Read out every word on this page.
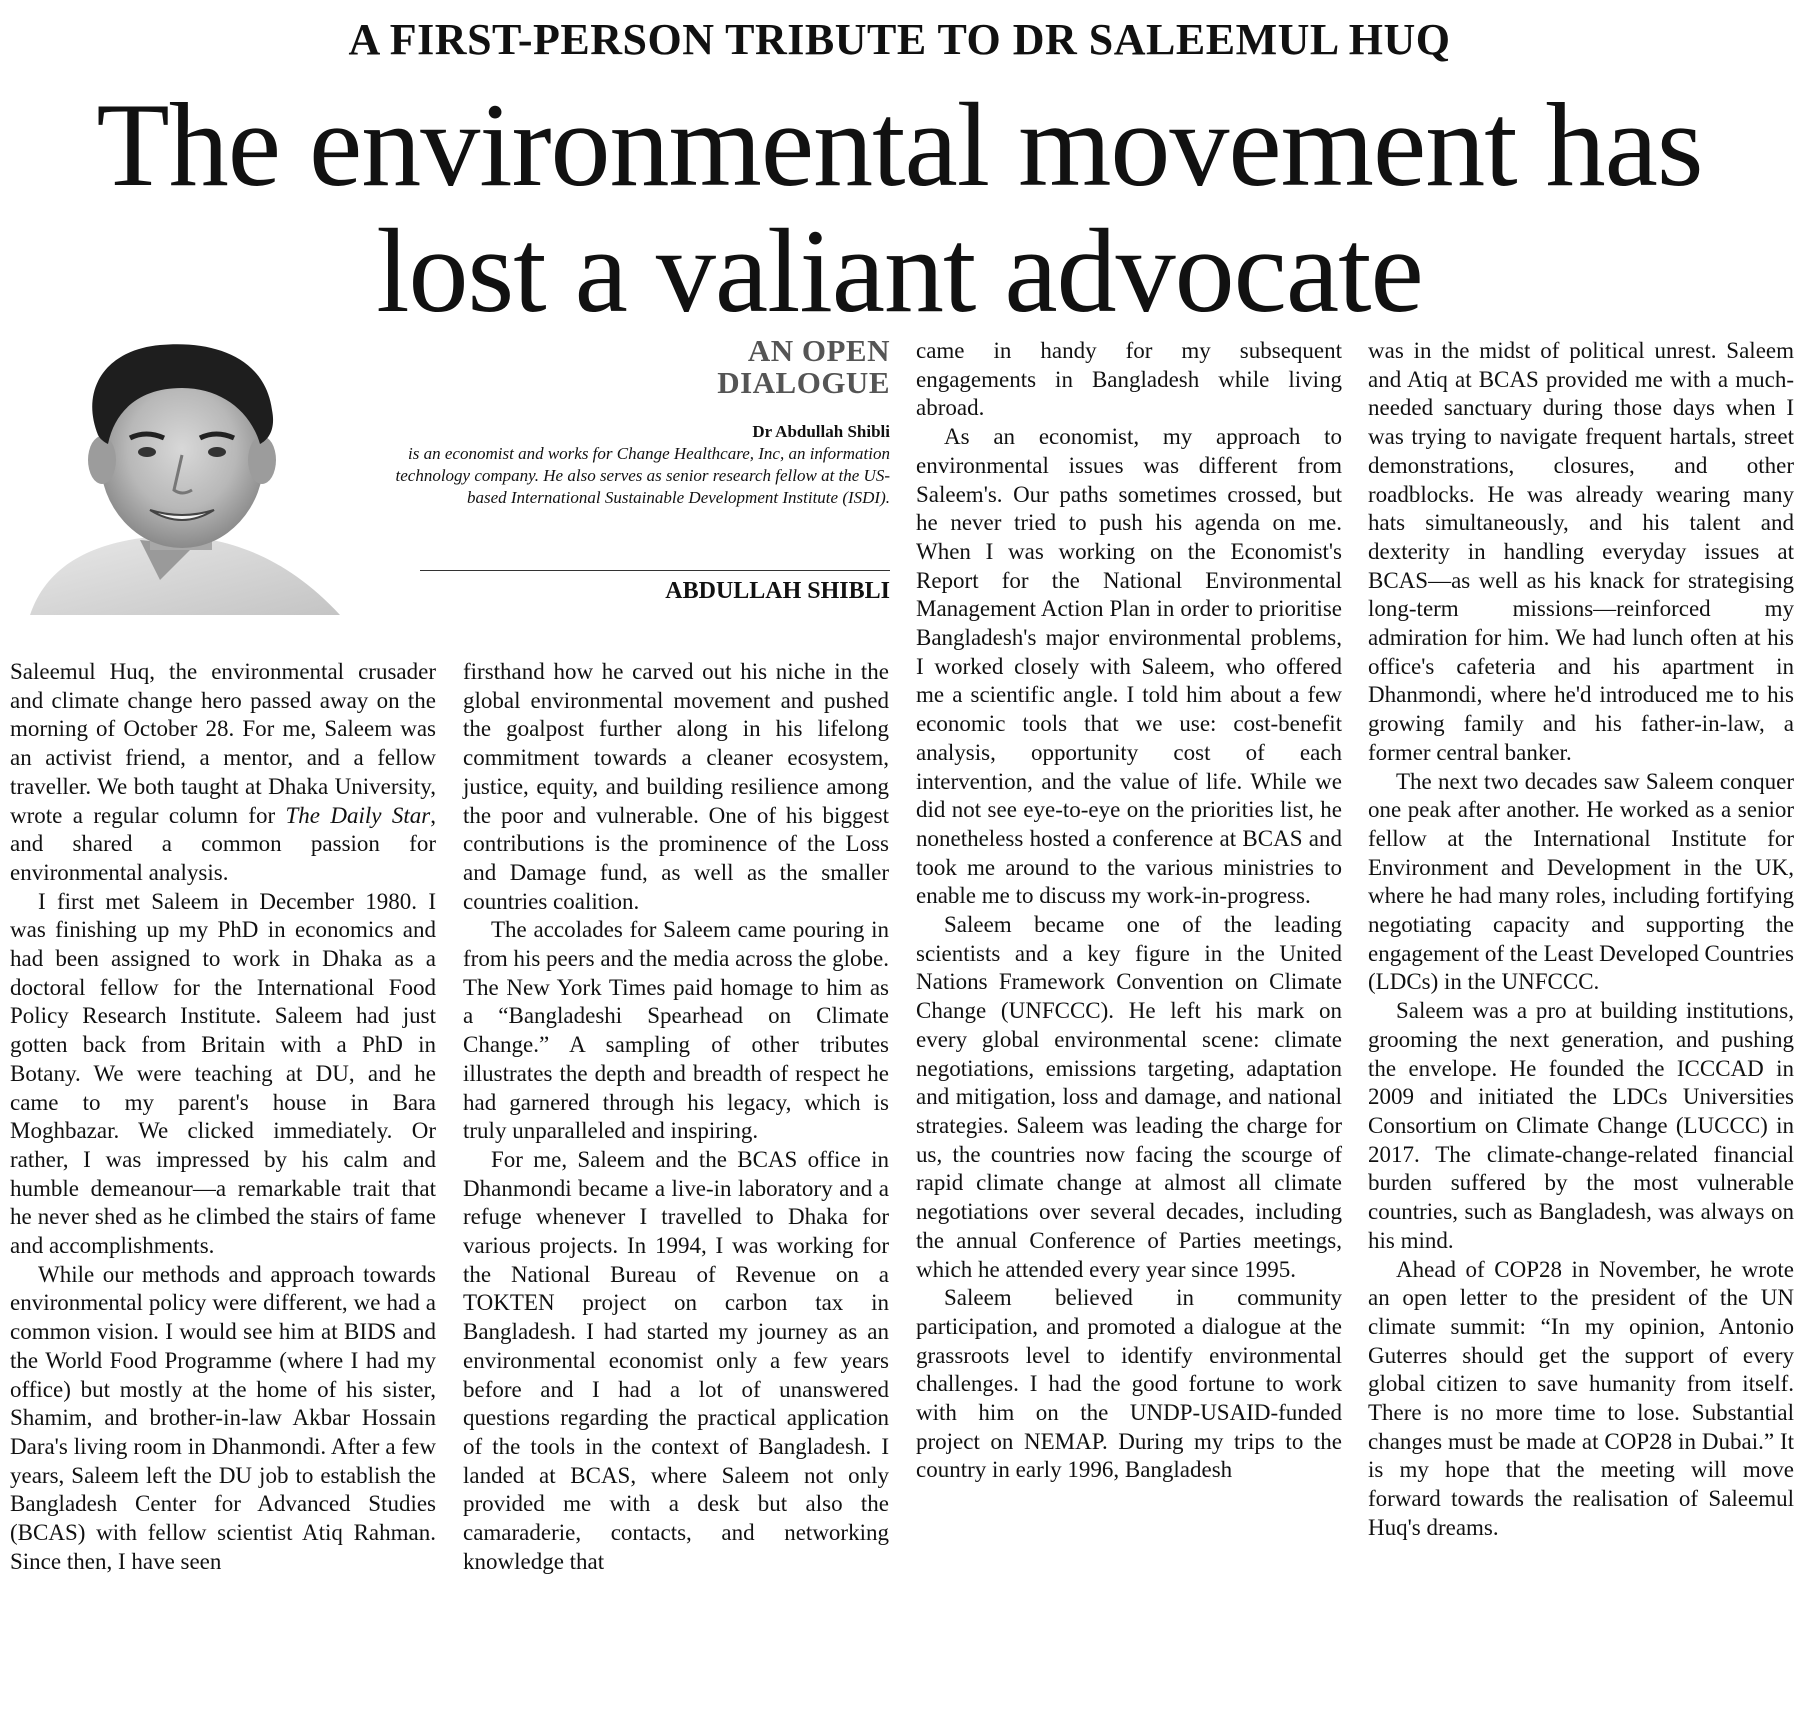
A FIRST-PERSON TRIBUTE TO DR SALEEMUL HUQ
The environmental movement has
lost a valiant advocate
AN OPEN
DIALOGUE
Dr Abdullah Shibli
is an economist and works for Change Healthcare, Inc, an information technology company. He also serves as senior research fellow at the US-based International Sustainable Development Institute (ISDI).
ABDULLAH SHIBLI

Saleemul Huq, the environmental crusader and climate change hero passed away on the morning of October 28. For me, Saleem was an activist friend, a mentor, and a fellow traveller. We both taught at Dhaka University, wrote a regular column for The Daily Star, and shared a common passion for environmental analysis.

I first met Saleem in December 1980. I was finishing up my PhD in economics and had been assigned to work in Dhaka as a doctoral fellow for the International Food Policy Research Institute. Saleem had just gotten back from Britain with a PhD in Botany. We were teaching at DU, and he came to my parent's house in Bara Moghbazar. We clicked immediately. Or rather, I was impressed by his calm and humble demeanour—a remarkable trait that he never shed as he climbed the stairs of fame and accomplishments.

While our methods and approach towards environmental policy were different, we had a common vision. I would see him at BIDS and the World Food Programme (where I had my office) but mostly at the home of his sister, Shamim, and brother-in-law Akbar Hossain Dara's living room in Dhanmondi. After a few years, Saleem left the DU job to establish the Bangladesh Center for Advanced Studies (BCAS) with fellow scientist Atiq Rahman. Since then, I have seen

firsthand how he carved out his niche in the global environmental movement and pushed the goalpost further along in his lifelong commitment towards a cleaner ecosystem, justice, equity, and building resilience among the poor and vulnerable. One of his biggest contributions is the prominence of the Loss and Damage fund, as well as the smaller countries coalition.

The accolades for Saleem came pouring in from his peers and the media across the globe. The New York Times paid homage to him as a “Bangladeshi Spearhead on Climate Change.” A sampling of other tributes illustrates the depth and breadth of respect he had garnered through his legacy, which is truly unparalleled and inspiring.

For me, Saleem and the BCAS office in Dhanmondi became a live-in laboratory and a refuge whenever I travelled to Dhaka for various projects. In 1994, I was working for the National Bureau of Revenue on a TOKTEN project on carbon tax in Bangladesh. I had started my journey as an environmental economist only a few years before and I had a lot of unanswered questions regarding the practical application of the tools in the context of Bangladesh. I landed at BCAS, where Saleem not only provided me with a desk but also the camaraderie, contacts, and networking knowledge that

came in handy for my subsequent engagements in Bangladesh while living abroad.

As an economist, my approach to environmental issues was different from Saleem's. Our paths sometimes crossed, but he never tried to push his agenda on me. When I was working on the Economist's Report for the National Environmental Management Action Plan in order to prioritise Bangladesh's major environmental problems, I worked closely with Saleem, who offered me a scientific angle. I told him about a few economic tools that we use: cost-benefit analysis, opportunity cost of each intervention, and the value of life. While we did not see eye-to-eye on the priorities list, he nonetheless hosted a conference at BCAS and took me around to the various ministries to enable me to discuss my work-in-progress.

Saleem became one of the leading scientists and a key figure in the United Nations Framework Convention on Climate Change (UNFCCC). He left his mark on every global environmental scene: climate negotiations, emissions targeting, adaptation and mitigation, loss and damage, and national strategies. Saleem was leading the charge for us, the countries now facing the scourge of rapid climate change at almost all climate negotiations over several decades, including the annual Conference of Parties meetings, which he attended every year since 1995.

Saleem believed in community participation, and promoted a dialogue at the grassroots level to identify environmental challenges. I had the good fortune to work with him on the UNDP-USAID-funded project on NEMAP. During my trips to the country in early 1996, Bangladesh

was in the midst of political unrest. Saleem and Atiq at BCAS provided me with a much-needed sanctuary during those days when I was trying to navigate frequent hartals, street demonstrations, closures, and other roadblocks. He was already wearing many hats simultaneously, and his talent and dexterity in handling everyday issues at BCAS—as well as his knack for strategising long-term missions—reinforced my admiration for him. We had lunch often at his office's cafeteria and his apartment in Dhanmondi, where he'd introduced me to his growing family and his father-in-law, a former central banker.

The next two decades saw Saleem conquer one peak after another. He worked as a senior fellow at the International Institute for Environment and Development in the UK, where he had many roles, including fortifying negotiating capacity and supporting the engagement of the Least Developed Countries (LDCs) in the UNFCCC.

Saleem was a pro at building institutions, grooming the next generation, and pushing the envelope. He founded the ICCCAD in 2009 and initiated the LDCs Universities Consortium on Climate Change (LUCCC) in 2017. The climate-change-related financial burden suffered by the most vulnerable countries, such as Bangladesh, was always on his mind.

Ahead of COP28 in November, he wrote an open letter to the president of the UN climate summit: “In my opinion, Antonio Guterres should get the support of every global citizen to save humanity from itself. There is no more time to lose. Substantial changes must be made at COP28 in Dubai.” It is my hope that the meeting will move forward towards the realisation of Saleemul Huq's dreams.
